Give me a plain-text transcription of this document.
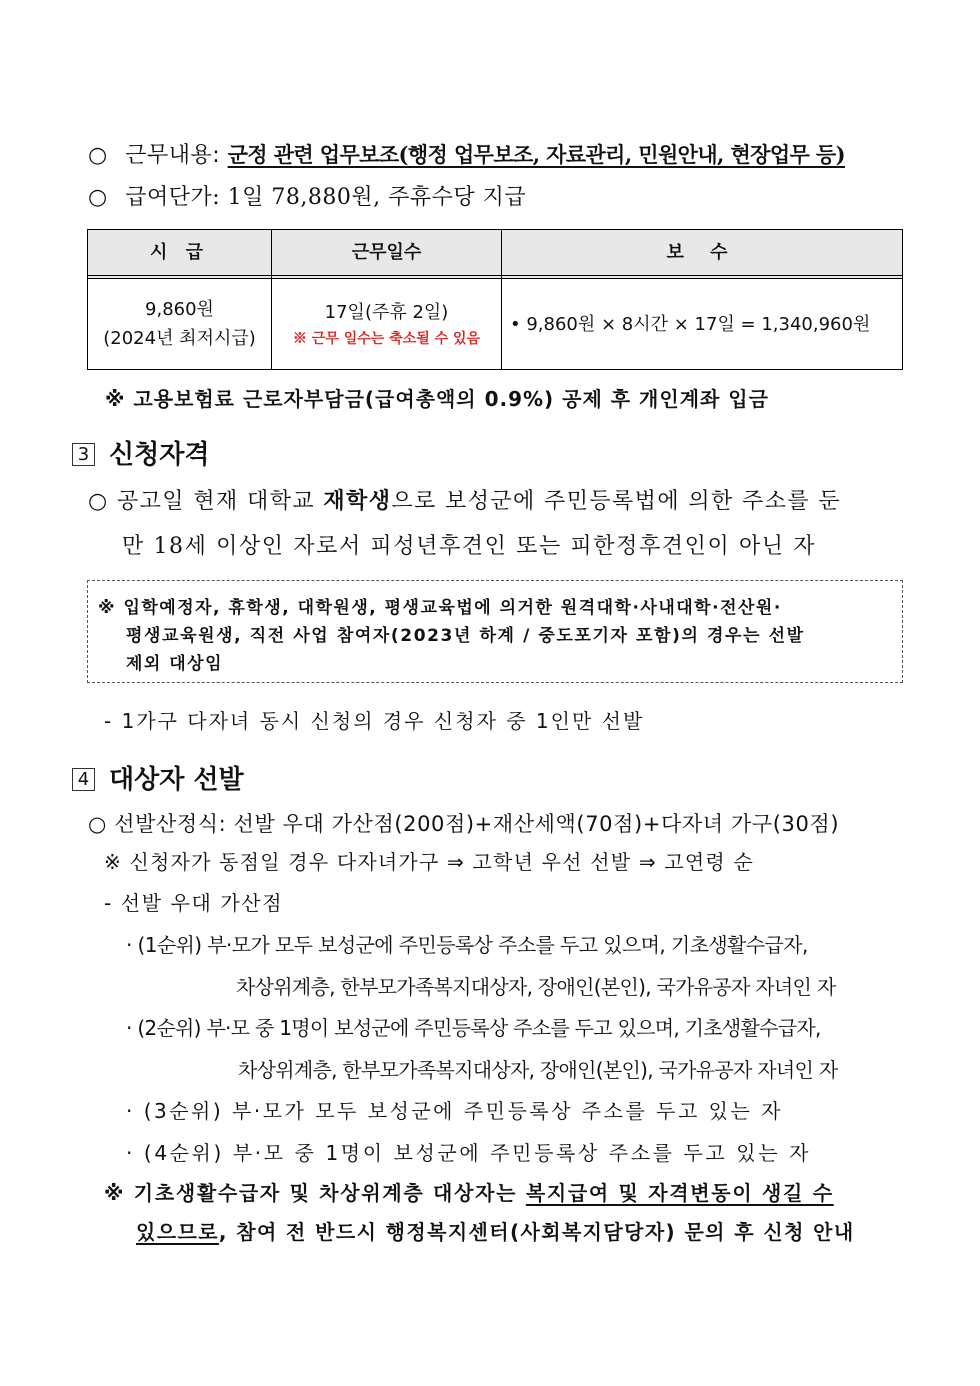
○ 근무내용: 군정 관련 업무보조(행정 업무보조, 자료관리, 민원안내, 현장업무 등)
○ 급여단가: 1일 78,880원, 주휴수당 지급
시 급	근무일수	보 수
9,860원
(2024년 최저시급)
17일(주휴 2일)
※ 근무 일수는 축소될 수 있음
• 9,860원 × 8시간 × 17일 = 1,340,960원
※ 고용보험료 근로자부담금(급여총액의 0.9%) 공제 후 개인계좌 입금
3 신청자격
○ 공고일 현재 대학교 재학생으로 보성군에 주민등록법에 의한 주소를 둔
만 18세 이상인 자로서 피성년후견인 또는 피한정후견인이 아닌 자
※ 입학예정자, 휴학생, 대학원생, 평생교육법에 의거한 원격대학·사내대학·전산원·
평생교육원생, 직전 사업 참여자(2023년 하계 / 중도포기자 포함)의 경우는 선발
제외 대상임
- 1가구 다자녀 동시 신청의 경우 신청자 중 1인만 선발
4 대상자 선발
○ 선발산정식: 선발 우대 가산점(200점)+재산세액(70점)+다자녀 가구(30점)
※ 신청자가 동점일 경우 다자녀가구 ⇒ 고학년 우선 선발 ⇒ 고연령 순
- 선발 우대 가산점
· (1순위) 부·모가 모두 보성군에 주민등록상 주소를 두고 있으며, 기초생활수급자,
차상위계층, 한부모가족복지대상자, 장애인(본인), 국가유공자 자녀인 자
· (2순위) 부·모 중 1명이 보성군에 주민등록상 주소를 두고 있으며, 기초생활수급자,
차상위계층, 한부모가족복지대상자, 장애인(본인), 국가유공자 자녀인 자
· (3순위) 부·모가 모두 보성군에 주민등록상 주소를 두고 있는 자
· (4순위) 부·모 중 1명이 보성군에 주민등록상 주소를 두고 있는 자
※ 기초생활수급자 및 차상위계층 대상자는 복지급여 및 자격변동이 생길 수
있으므로, 참여 전 반드시 행정복지센터(사회복지담당자) 문의 후 신청 안내
